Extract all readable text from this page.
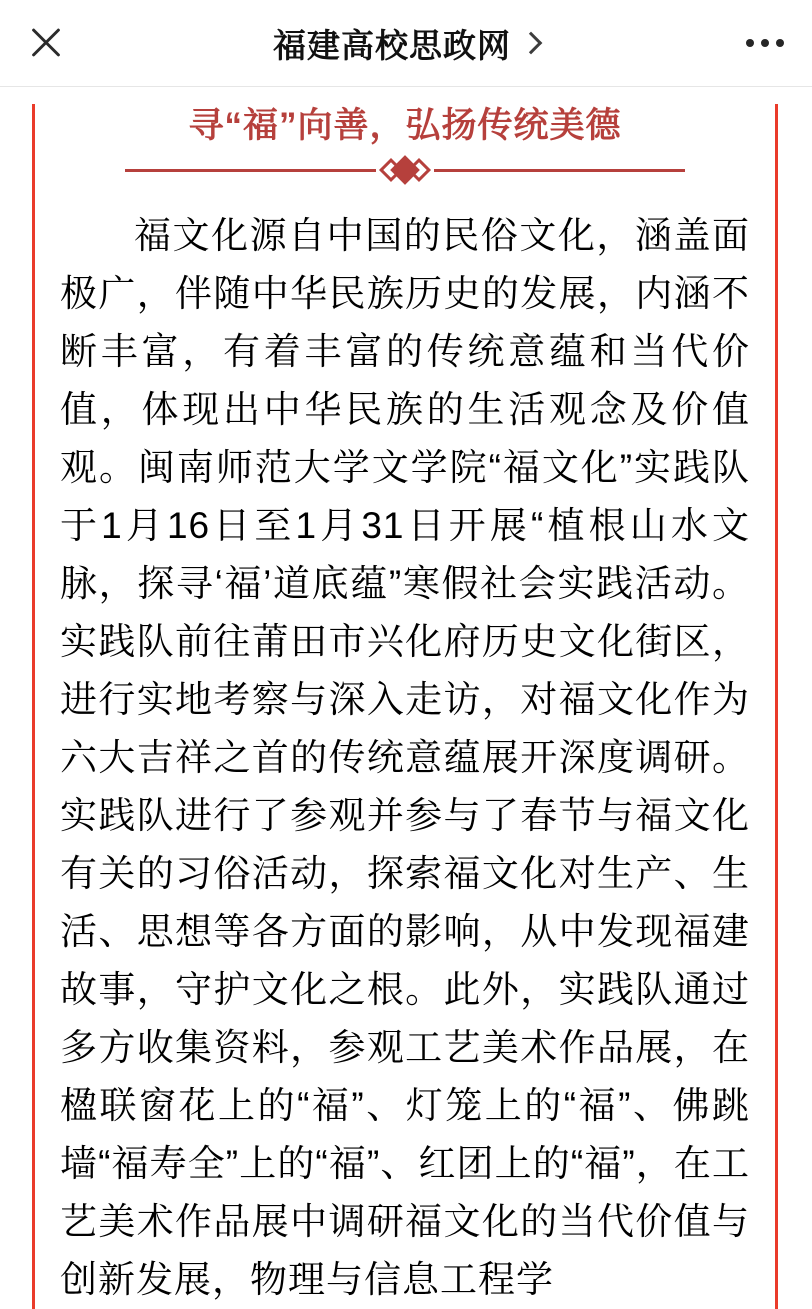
福建高校思政网
寻“福”向善，弘扬传统美德

福文化源自中国的民俗文化，涵盖面极广，伴随中华民族历史的发展，内涵不断丰富，有着丰富的传统意蕴和当代价值，体现出中华民族的生活观念及价值观。闽南师范大学文学院“福文化”实践队于1月16日至1月31日开展“植根山水文脉，探寻‘福’道底蕴”寒假社会实践活动。实践队前往莆田市兴化府历史文化街区，进行实地考察与深入走访，对福文化作为六大吉祥之首的传统意蕴展开深度调研。实践队进行了参观并参与了春节与福文化有关的习俗活动，探索福文化对生产、生活、思想等各方面的影响，从中发现福建故事，守护文化之根。此外，实践队通过多方收集资料，参观工艺美术作品展，在楹联窗花上的“福”、灯笼上的“福”、佛跳墙“福寿全”上的“福”、红团上的“福”，在工艺美术作品展中调研福文化的当代价值与创新发展，物理与信息工程学
